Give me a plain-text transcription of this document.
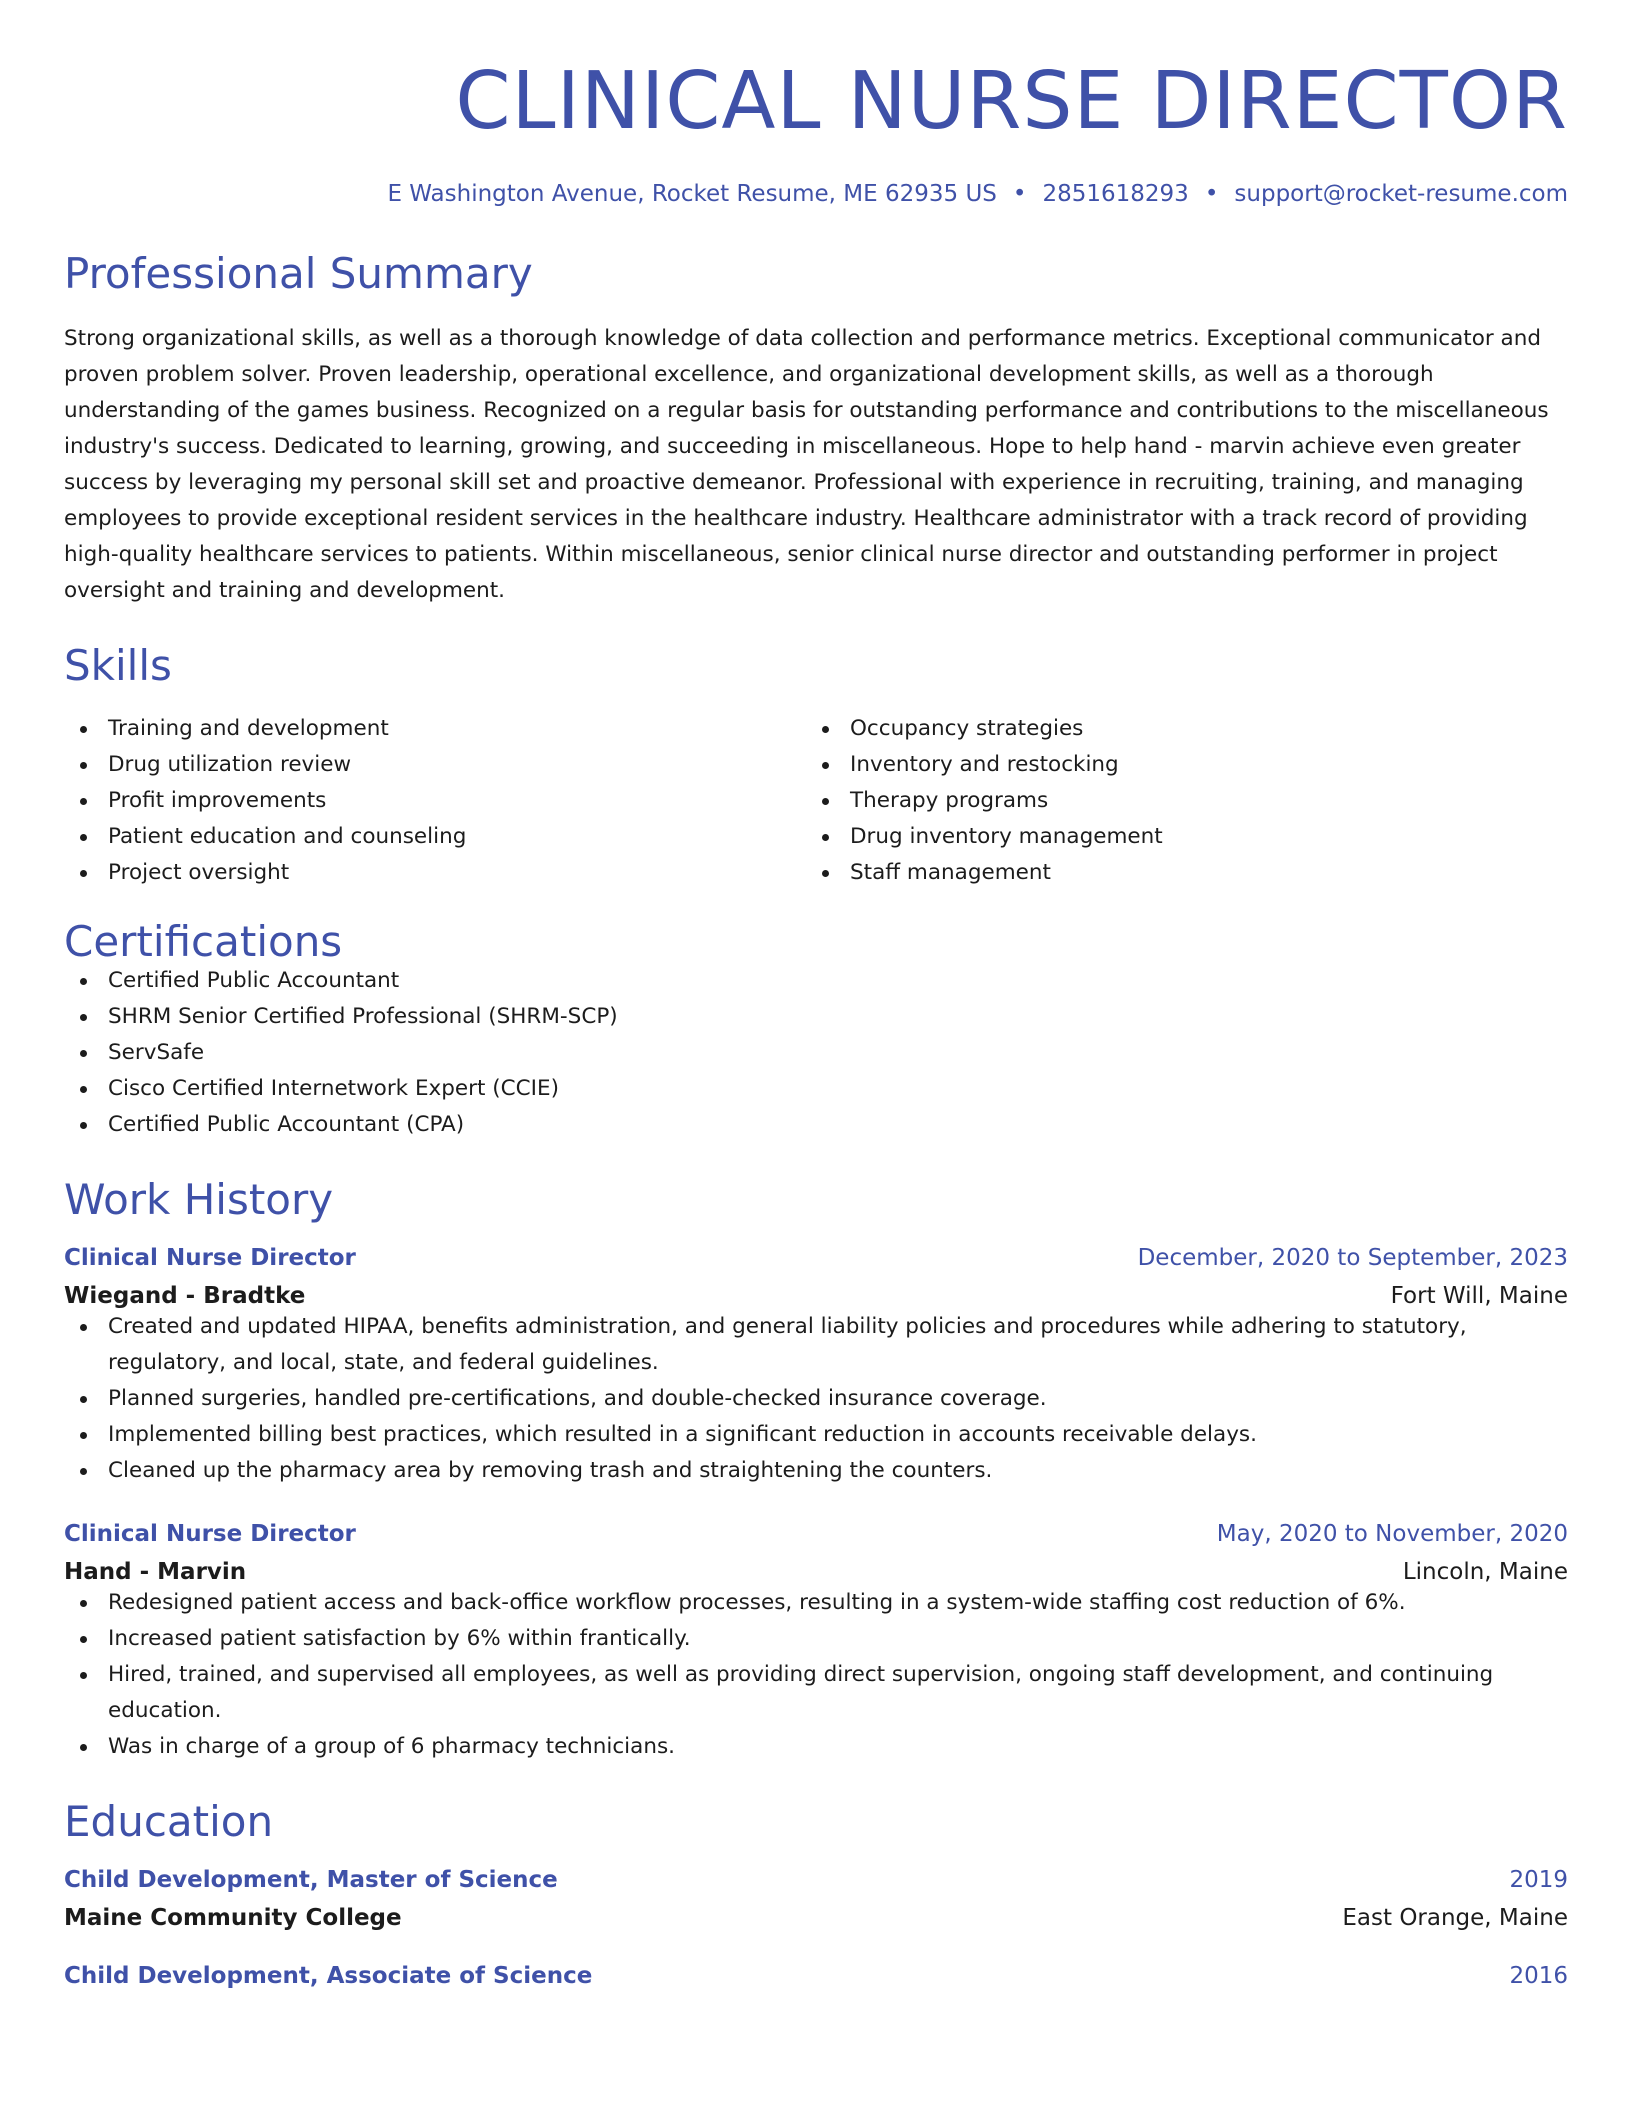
CLINICAL NURSE DIRECTOR
E Washington Avenue, Rocket Resume, ME 62935 US • 2851618293 • support@rocket-resume.com
Professional Summary
Strong organizational skills, as well as a thorough knowledge of data collection and performance metrics. Exceptional communicator and proven problem solver. Proven leadership, operational excellence, and organizational development skills, as well as a thorough understanding of the games business. Recognized on a regular basis for outstanding performance and contributions to the miscellaneous industry's success. Dedicated to learning, growing, and succeeding in miscellaneous. Hope to help hand - marvin achieve even greater success by leveraging my personal skill set and proactive demeanor. Professional with experience in recruiting, training, and managing employees to provide exceptional resident services in the healthcare industry. Healthcare administrator with a track record of providing high-quality healthcare services to patients. Within miscellaneous, senior clinical nurse director and outstanding performer in project oversight and training and development.
Skills
Training and development
Drug utilization review
Profit improvements
Patient education and counseling
Project oversight
Occupancy strategies
Inventory and restocking
Therapy programs
Drug inventory management
Staff management
Certifications
Certified Public Accountant
SHRM Senior Certified Professional (SHRM-SCP)
ServSafe
Cisco Certified Internetwork Expert (CCIE)
Certified Public Accountant (CPA)
Work History
Clinical Nurse Director	December, 2020 to September, 2023
Wiegand - Bradtke	Fort Will, Maine
Created and updated HIPAA, benefits administration, and general liability policies and procedures while adhering to statutory, regulatory, and local, state, and federal guidelines.
Planned surgeries, handled pre-certifications, and double-checked insurance coverage.
Implemented billing best practices, which resulted in a significant reduction in accounts receivable delays.
Cleaned up the pharmacy area by removing trash and straightening the counters.
Clinical Nurse Director	May, 2020 to November, 2020
Hand - Marvin	Lincoln, Maine
Redesigned patient access and back-office workflow processes, resulting in a system-wide staffing cost reduction of 6%.
Increased patient satisfaction by 6% within frantically.
Hired, trained, and supervised all employees, as well as providing direct supervision, ongoing staff development, and continuing education.
Was in charge of a group of 6 pharmacy technicians.
Education
Child Development, Master of Science	2019
Maine Community College	East Orange, Maine
Child Development, Associate of Science	2016
